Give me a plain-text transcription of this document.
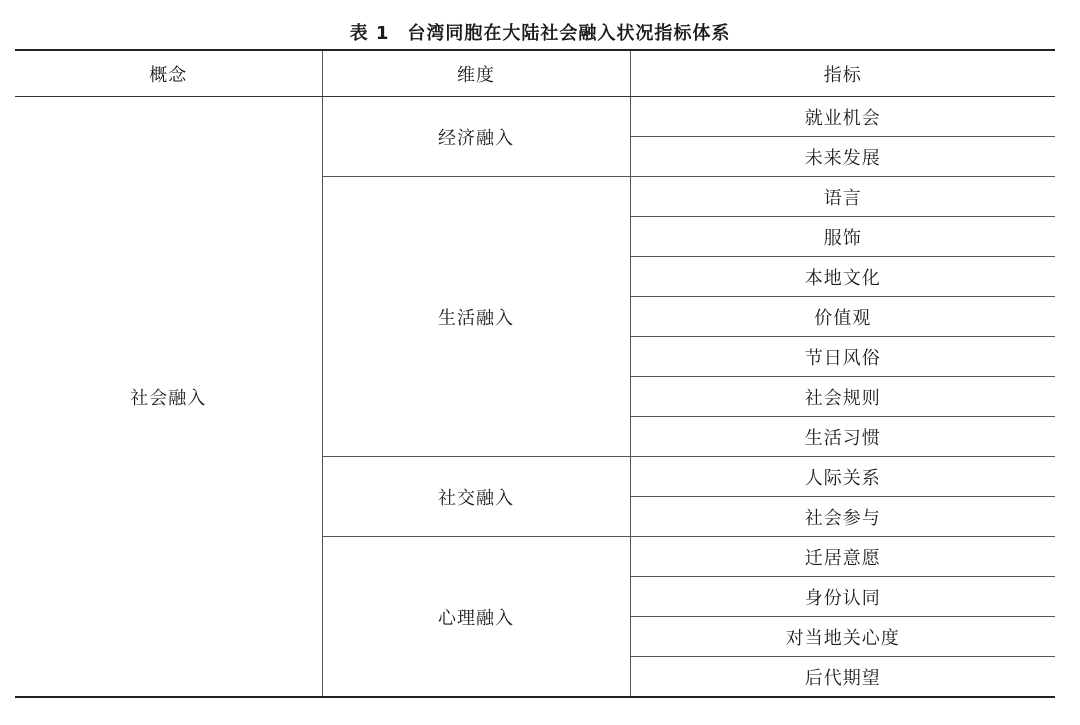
表 1 台湾同胞在大陆社会融入状况指标体系
概念	维度	指标
社会融入	经济融入	就业机会
		未来发展
	生活融入	语言
		服饰
		本地文化
		价值观
		节日风俗
		社会规则
		生活习惯
	社交融入	人际关系
		社会参与
	心理融入	迁居意愿
		身份认同
		对当地关心度
		后代期望
